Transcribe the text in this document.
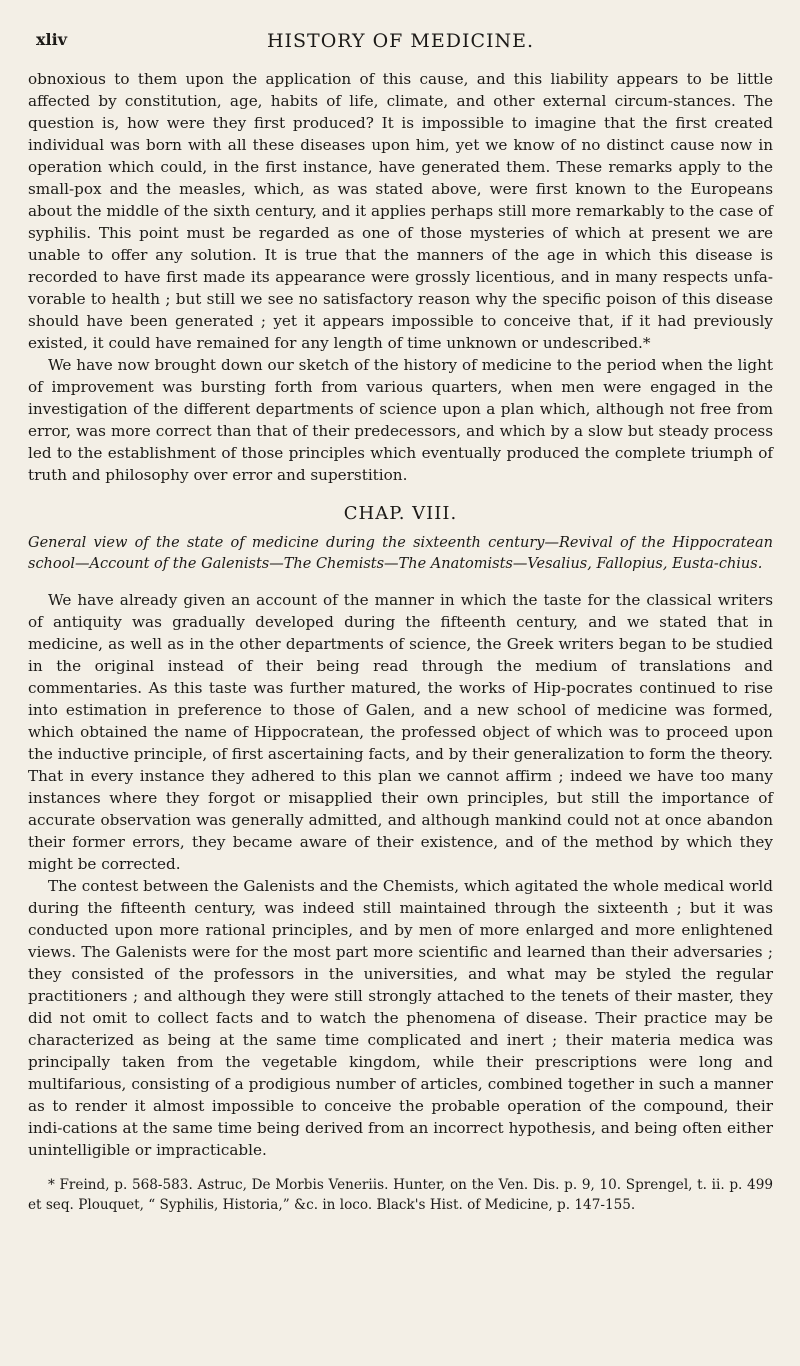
xliv	HISTORY OF MEDICINE.

obnoxious to them upon the application of this cause, and this liability appears to be little affected by constitution, age, habits of life, climate, and other external circum-stances. The question is, how were they first produced? It is impossible to imagine that the first created individual was born with all these diseases upon him, yet we know of no distinct cause now in operation which could, in the first instance, have generated them. These remarks apply to the small-pox and the measles, which, as was stated above, were first known to the Europeans about the middle of the sixth century, and it applies perhaps still more remarkably to the case of syphilis. This point must be regarded as one of those mysteries of which at present we are unable to offer any solution. It is true that the manners of the age in which this disease is recorded to have first made its appearance were grossly licentious, and in many respects unfa-vorable to health ; but still we see no satisfactory reason why the specific poison of this disease should have been generated ; yet it appears impossible to conceive that, if it had previously existed, it could have remained for any length of time unknown or undescribed.*

We have now brought down our sketch of the history of medicine to the period when the light of improvement was bursting forth from various quarters, when men were engaged in the investigation of the different departments of science upon a plan which, although not free from error, was more correct than that of their predecessors, and which by a slow but steady process led to the establishment of those principles which eventually produced the complete triumph of truth and philosophy over error and superstition.

CHAP. VIII.
General view of the state of medicine during the sixteenth century—Revival of the Hippocratean school—Account of the Galenists—The Chemists—The Anatomists—Vesalius, Fallopius, Eusta-chius.

We have already given an account of the manner in which the taste for the classical writers of antiquity was gradually developed during the fifteenth century, and we stated that in medicine, as well as in the other departments of science, the Greek writers began to be studied in the original instead of their being read through the medium of translations and commentaries. As this taste was further matured, the works of Hip-pocrates continued to rise into estimation in preference to those of Galen, and a new school of medicine was formed, which obtained the name of Hippocratean, the professed object of which was to proceed upon the inductive principle, of first ascertaining facts, and by their generalization to form the theory. That in every instance they adhered to this plan we cannot affirm ; indeed we have too many instances where they forgot or misapplied their own principles, but still the importance of accurate observation was generally admitted, and although mankind could not at once abandon their former errors, they became aware of their existence, and of the method by which they might be corrected.

The contest between the Galenists and the Chemists, which agitated the whole medical world during the fifteenth century, was indeed still maintained through the sixteenth ; but it was conducted upon more rational principles, and by men of more enlarged and more enlightened views. The Galenists were for the most part more scientific and learned than their adversaries ; they consisted of the professors in the universities, and what may be styled the regular practitioners ; and although they were still strongly attached to the tenets of their master, they did not omit to collect facts and to watch the phenomena of disease. Their practice may be characterized as being at the same time complicated and inert ; their materia medica was principally taken from the vegetable kingdom, while their prescriptions were long and multifarious, consisting of a prodigious number of articles, combined together in such a manner as to render it almost impossible to conceive the probable operation of the compound, their indi-cations at the same time being derived from an incorrect hypothesis, and being often either unintelligible or impracticable.

* Freind, p. 568-583. Astruc, De Morbis Veneriis. Hunter, on the Ven. Dis. p. 9, 10. Sprengel, t. ii. p. 499 et seq. Plouquet, “ Syphilis, Historia,” &c. in loco. Black's Hist. of Medicine, p. 147-155.
